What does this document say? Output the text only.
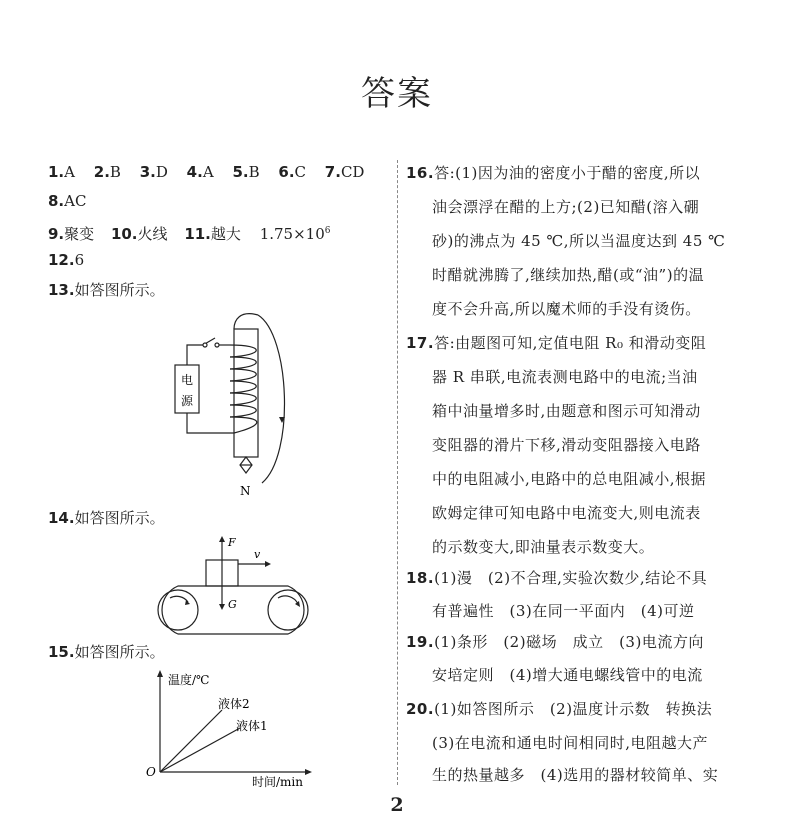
答案
1.A 2.B 3.D 4.A 5.B 6.C 7.CD
8.AC
9.聚变 10.火线 11.越大 $1.75\times 10^6$
12.6
13.如答图所示。
电
源
N
14.如答图所示。
F
G
v
15.如答图所示。
温度/℃
时间/min
O
液体2
液体1
16.答:(1)因为油的密度小于醋的密度,所以
油会漂浮在醋的上方;(2)已知醋(溶入硼
砂)的沸点为 45 ℃,所以当温度达到 45 ℃
时醋就沸腾了,继续加热,醋(或“油”)的温
度不会升高,所以魔术师的手没有烫伤。
17.答:由题图可知,定值电阻 R₀ 和滑动变阻
器 R 串联,电流表测电路中的电流;当油
箱中油量增多时,由题意和图示可知滑动
变阻器的滑片下移,滑动变阻器接入电路
中的电阻减小,电路中的总电阻减小,根据
欧姆定律可知电路中电流变大,则电流表
的示数变大,即油量表示数变大。
18.(1)漫　(2)不合理,实验次数少,结论不具
有普遍性　(3)在同一平面内　(4)可逆
19.(1)条形　(2)磁场　成立　(3)电流方向
安培定则　(4)增大通电螺线管中的电流
20.(1)如答图所示　(2)温度计示数　转换法
(3)在电流和通电时间相同时,电阻越大产
生的热量越多　(4)选用的器材较简单、实
2
